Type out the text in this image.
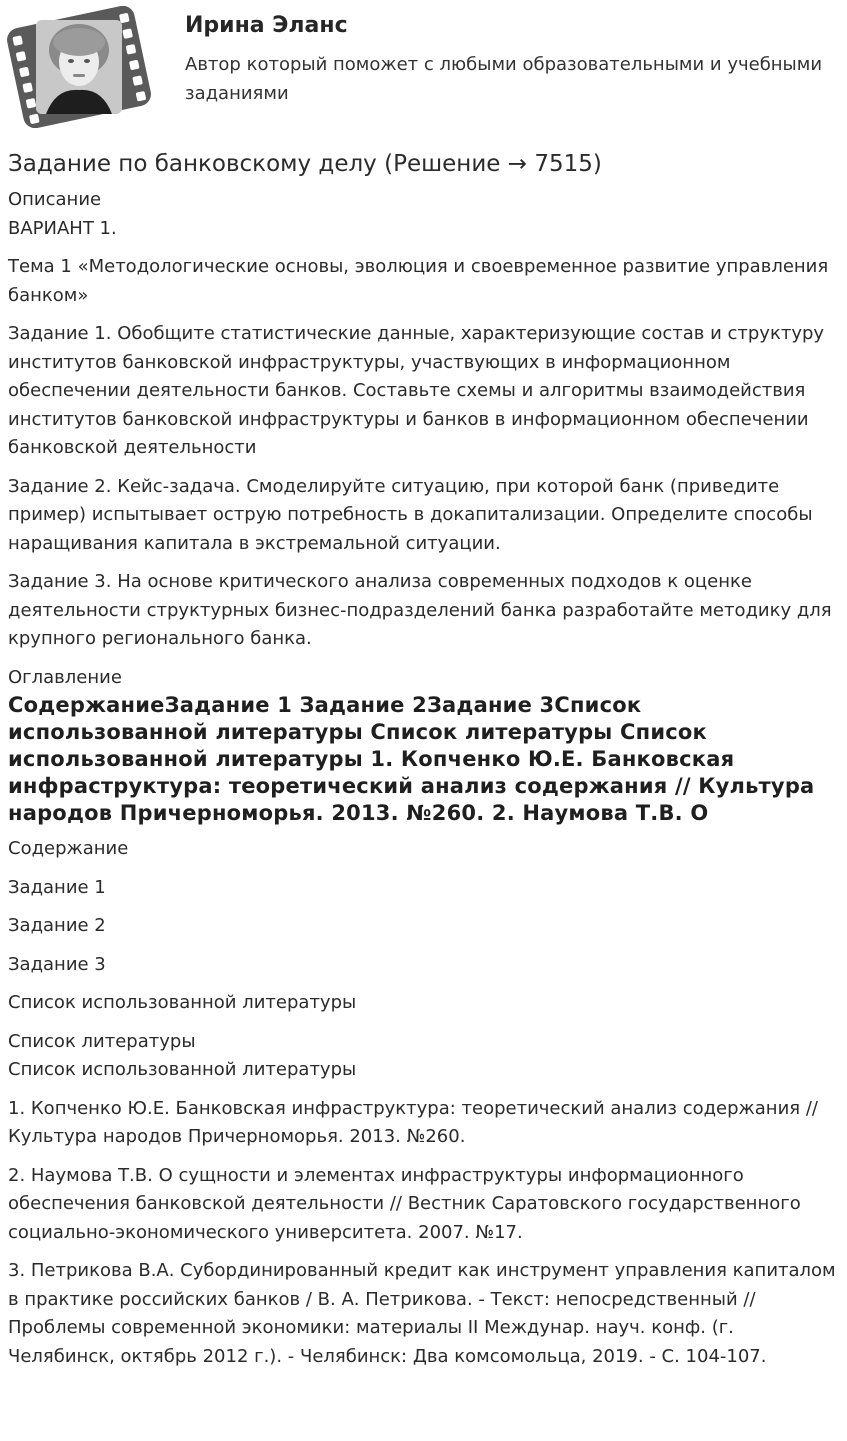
Ирина Эланс

Автор который поможет с любыми образовательными и учебными заданиями

Задание по банковскому делу (Решение → 7515)

Описание

ВАРИАНТ 1.

Тема 1 «Методологические основы, эволюция и своевременное развитие управления банком»

Задание 1. Обобщите статистические данные, характеризующие состав и структуру институтов банковской инфраструктуры, участвующих в информационном обеспечении деятельности банков. Составьте схемы и алгоритмы взаимодействия институтов банковской инфраструктуры и банков в информационном обеспечении банковской деятельности

Задание 2. Кейс-задача. Смоделируйте ситуацию, при которой банк (приведите пример) испытывает острую потребность в докапитализации. Определите способы наращивания капитала в экстремальной ситуации.

Задание 3. На основе критического анализа современных подходов к оценке деятельности структурных бизнес-подразделений банка разработайте методику для крупного регионального банка.

Оглавление

СодержаниеЗадание 1 Задание 2Задание 3Список использованной литературы Список литературы Список использованной литературы 1. Копченко Ю.Е. Банковская инфраструктура: теоретический анализ содержания // Культура народов Причерноморья. 2013. №260. 2. Наумова Т.В. О

Содержание

Задание 1

Задание 2

Задание 3

Список использованной литературы

Список литературы

Список использованной литературы

1. Копченко Ю.Е. Банковская инфраструктура: теоретический анализ содержания // Культура народов Причерноморья. 2013. №260.

2. Наумова Т.В. О сущности и элементах инфраструктуры информационного обеспечения банковской деятельности // Вестник Саратовского государственного социально-экономического университета. 2007. №17.

3. Петрикова В.А. Субординированный кредит как инструмент управления капиталом в практике российских банков / В. А. Петрикова. - Текст: непосредственный // Проблемы современной экономики: материалы II Междунар. науч. конф. (г. Челябинск, октябрь 2012 г.). - Челябинск: Два комсомольца, 2019. - С. 104-107.
